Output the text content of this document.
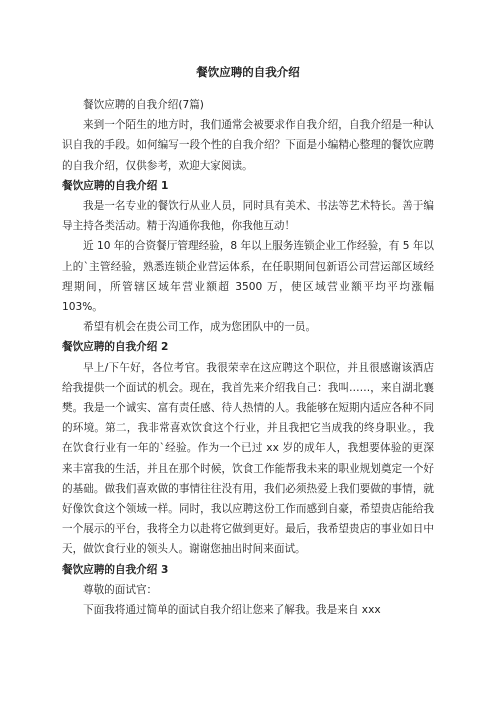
餐饮应聘的自我介绍

餐饮应聘的自我介绍(7篇)

来到一个陌生的地方时，我们通常会被要求作自我介绍，自我介绍是一种认识自我的手段。如何编写一段个性的自我介绍？下面是小编精心整理的餐饮应聘的自我介绍，仅供参考，欢迎大家阅读。

餐饮应聘的自我介绍 1

我是一名专业的餐饮行从业人员，同时具有美术、书法等艺术特长。善于编导主持各类活动。精于沟通你我他，你我他互动！

近 10 年的合资餐厅管理经验，8 年以上服务连锁企业工作经验，有 5 年以上的`主管经验，熟悉连锁企业营运体系，在任职期间包新语公司营运部区域经理期间，所管辖区域年营业额超 3500 万，使区域营业额平均平均涨幅 103%。

希望有机会在贵公司工作，成为您团队中的一员。

餐饮应聘的自我介绍 2

早上/下午好，各位考官。我很荣幸在这应聘这个职位，并且很感谢该酒店给我提供一个面试的机会。现在，我首先来介绍我自己：我叫……，来自湖北襄樊。我是一个诚实、富有责任感、待人热情的人。我能够在短期内适应各种不同的环境。第二，我非常喜欢饮食这个行业，并且我把它当成我的终身职业。，我在饮食行业有一年的`经验。作为一个已过 xx 岁的成年人，我想要体验的更深来丰富我的生活，并且在那个时候，饮食工作能帮我未来的职业规划奠定一个好的基础。做我们喜欢做的事情往往没有用，我们必须热爱上我们要做的事情，就好像饮食这个领域一样。同时，我以应聘这份工作而感到自豪，希望贵店能给我一个展示的平台，我将全力以赴将它做到更好。最后，我希望贵店的事业如日中天，做饮食行业的领头人。谢谢您抽出时间来面试。

餐饮应聘的自我介绍 3

尊敬的面试官：

下面我将通过简单的面试自我介绍让您来了解我。我是来自 xxx
